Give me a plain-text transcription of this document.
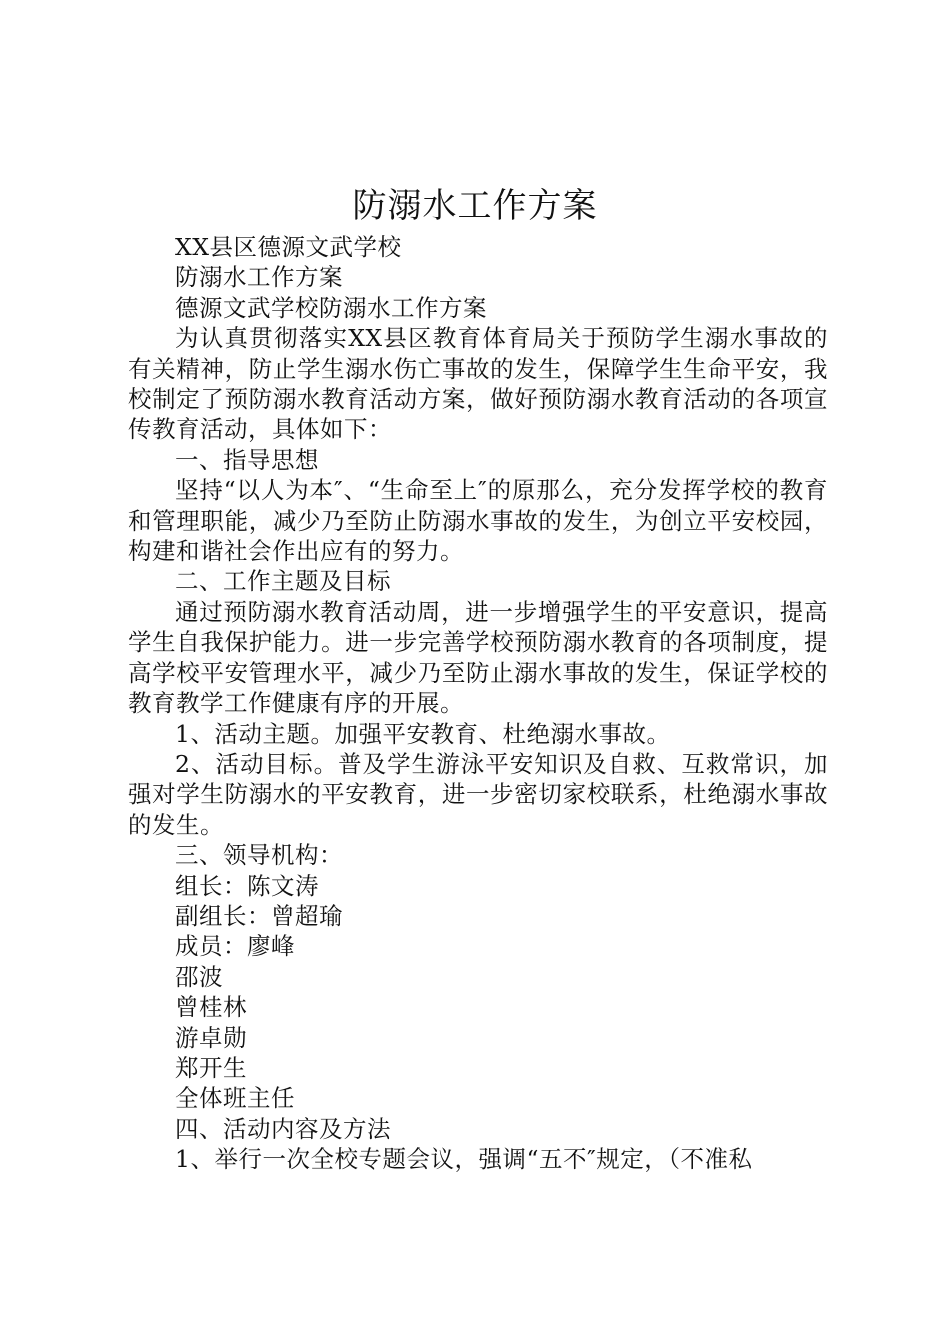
防溺水工作方案

XX县区德源文武学校

防溺水工作方案

德源文武学校防溺水工作方案

为认真贯彻落实XX县区教育体育局关于预防学生溺水事故的有关精神，防止学生溺水伤亡事故的发生，保障学生生命平安，我校制定了预防溺水教育活动方案，做好预防溺水教育活动的各项宣传教育活动，具体如下：

一、指导思想

坚持“以人为本″、“生命至上″的原那么，充分发挥学校的教育和管理职能，减少乃至防止防溺水事故的发生，为创立平安校园，构建和谐社会作出应有的努力。

二、工作主题及目标

通过预防溺水教育活动周，进一步增强学生的平安意识，提高学生自我保护能力。进一步完善学校预防溺水教育的各项制度，提高学校平安管理水平，减少乃至防止溺水事故的发生，保证学校的教育教学工作健康有序的开展。

1、活动主题。加强平安教育、杜绝溺水事故。

2、活动目标。普及学生游泳平安知识及自救、互救常识，加强对学生防溺水的平安教育，进一步密切家校联系，杜绝溺水事故的发生。

三、领导机构：

组长：陈文涛

副组长：曾超瑜

成员：廖峰

邵波

曾桂林

游卓勋

郑开生

全体班主任

四、活动内容及方法

1、举行一次全校专题会议，强调“五不″规定，（不准私
